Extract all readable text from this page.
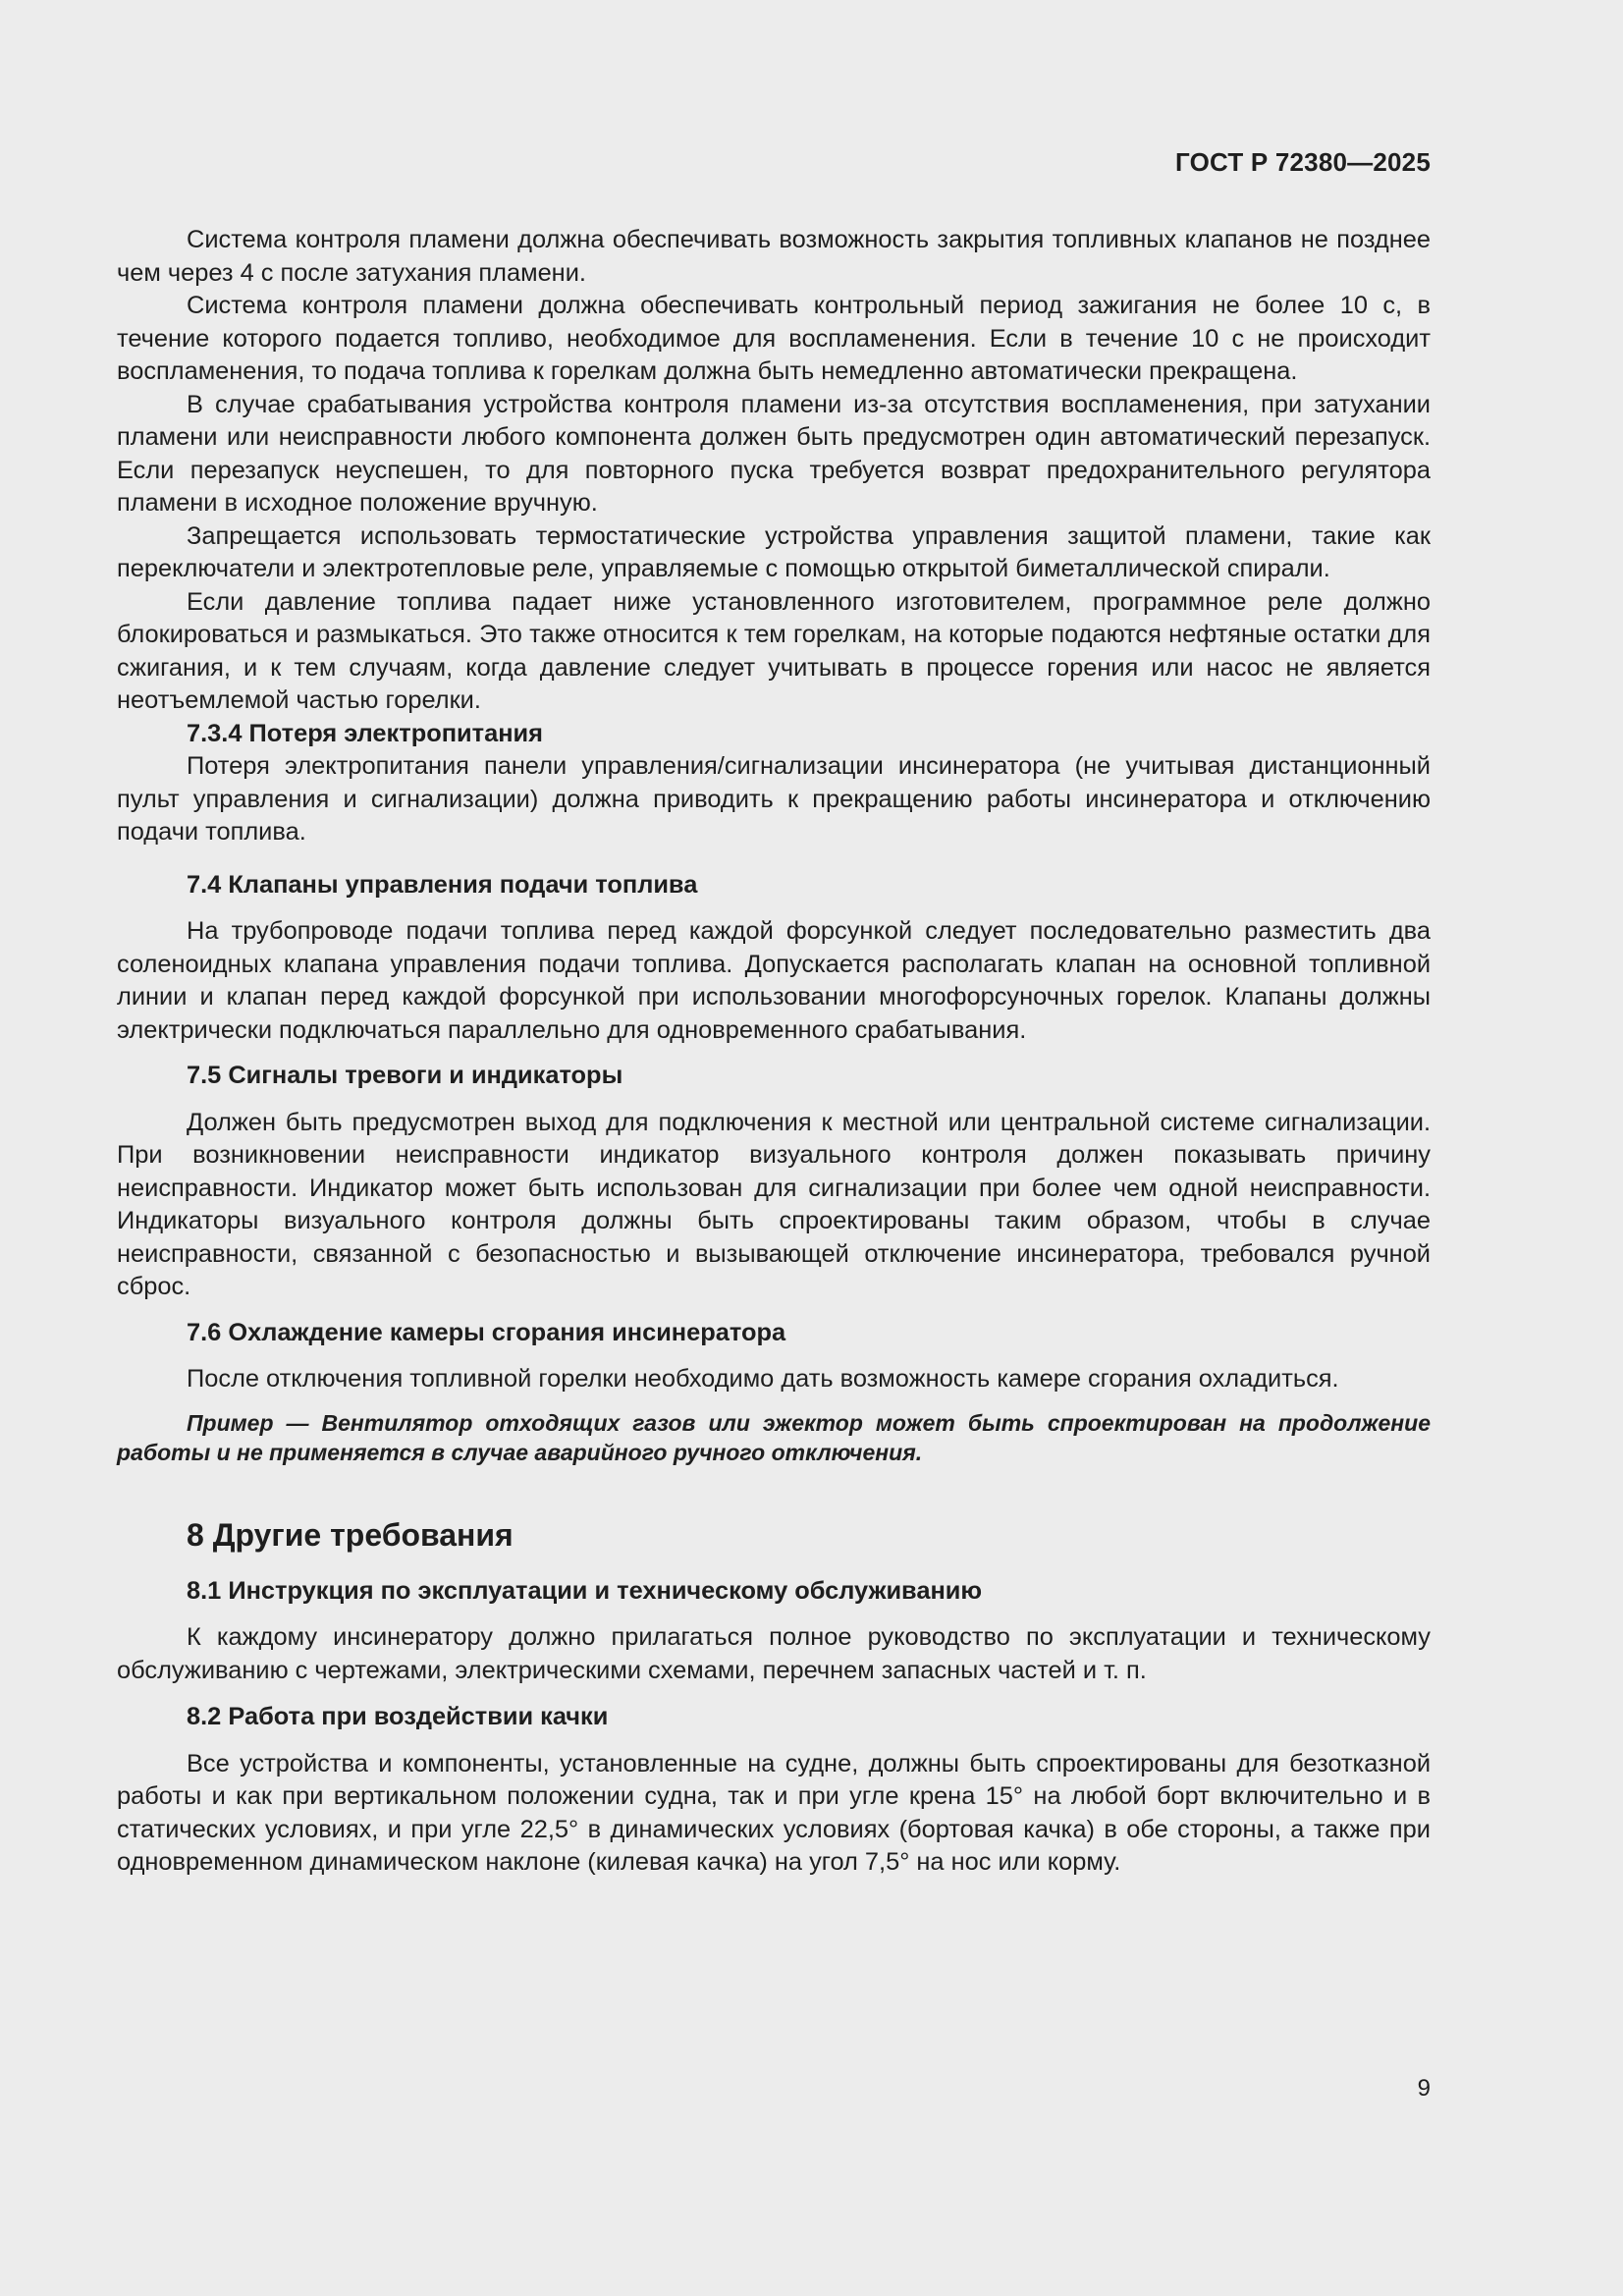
ГОСТ Р 72380—2025

Система контроля пламени должна обеспечивать возможность закрытия топливных клапанов не позднее чем через 4 с после затухания пламени.

Система контроля пламени должна обеспечивать контрольный период зажигания не более 10 с, в течение которого подается топливо, необходимое для воспламенения. Если в течение 10 с не происходит воспламенения, то подача топлива к горелкам должна быть немедленно автоматически прекращена.

В случае срабатывания устройства контроля пламени из-за отсутствия воспламенения, при затухании пламени или неисправности любого компонента должен быть предусмотрен один автоматический перезапуск. Если перезапуск неуспешен, то для повторного пуска требуется возврат предохранительного регулятора пламени в исходное положение вручную.

Запрещается использовать термостатические устройства управления защитой пламени, такие как переключатели и электротепловые реле, управляемые с помощью открытой биметаллической спирали.

Если давление топлива падает ниже установленного изготовителем, программное реле должно блокироваться и размыкаться. Это также относится к тем горелкам, на которые подаются нефтяные остатки для сжигания, и к тем случаям, когда давление следует учитывать в процессе горения или насос не является неотъемлемой частью горелки.

7.3.4 Потеря электропитания

Потеря электропитания панели управления/сигнализации инсинератора (не учитывая дистанционный пульт управления и сигнализации) должна приводить к прекращению работы инсинератора и отключению подачи топлива.

7.4 Клапаны управления подачи топлива

На трубопроводе подачи топлива перед каждой форсункой следует последовательно разместить два соленоидных клапана управления подачи топлива. Допускается располагать клапан на основной топливной линии и клапан перед каждой форсункой при использовании многофорсуночных горелок. Клапаны должны электрически подключаться параллельно для одновременного срабатывания.

7.5 Сигналы тревоги и индикаторы

Должен быть предусмотрен выход для подключения к местной или центральной системе сигнализации. При возникновении неисправности индикатор визуального контроля должен показывать причину неисправности. Индикатор может быть использован для сигнализации при более чем одной неисправности. Индикаторы визуального контроля должны быть спроектированы таким образом, чтобы в случае неисправности, связанной с безопасностью и вызывающей отключение инсинератора, требовался ручной сброс.

7.6 Охлаждение камеры сгорания инсинератора

После отключения топливной горелки необходимо дать возможность камере сгорания охладиться.

Пример — Вентилятор отходящих газов или эжектор может быть спроектирован на продолжение работы и не применяется в случае аварийного ручного отключения.

8 Другие требования
8.1 Инструкция по эксплуатации и техническому обслуживанию

К каждому инсинератору должно прилагаться полное руководство по эксплуатации и техническому обслуживанию с чертежами, электрическими схемами, перечнем запасных частей и т. п.

8.2 Работа при воздействии качки

Все устройства и компоненты, установленные на судне, должны быть спроектированы для безотказной работы и как при вертикальном положении судна, так и при угле крена 15° на любой борт включительно и в статических условиях, и при угле 22,5° в динамических условиях (бортовая качка) в обе стороны, а также при одновременном динамическом наклоне (килевая качка) на угол 7,5° на нос или корму.

9
